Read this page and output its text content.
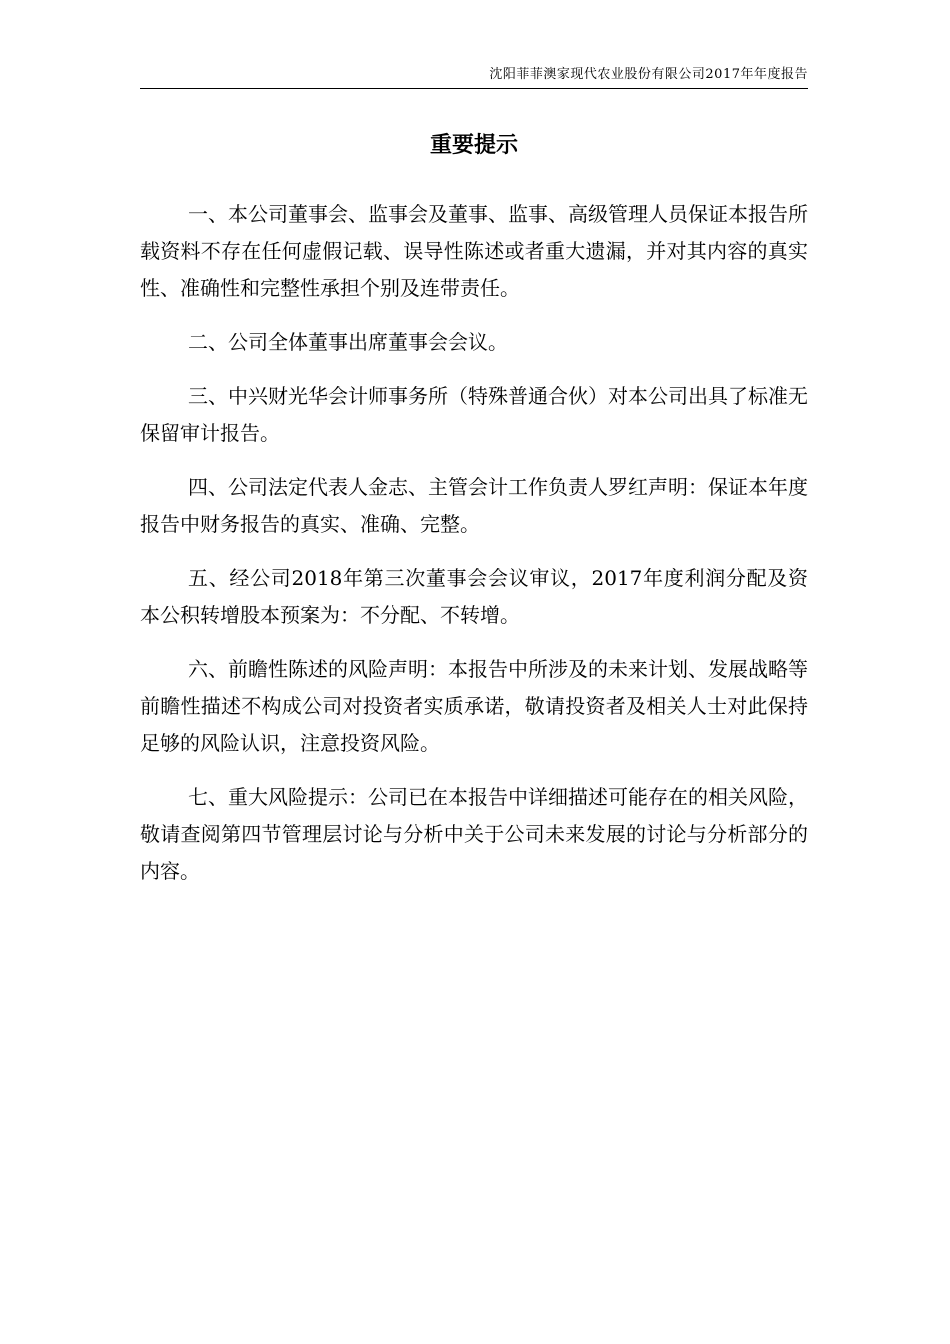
沈阳菲菲澳家现代农业股份有限公司2017年年度报告
重要提示

一、本公司董事会、监事会及董事、监事、高级管理人员保证本报告所载资料不存在任何虚假记载、误导性陈述或者重大遗漏，并对其内容的真实性、准确性和完整性承担个别及连带责任。

二、公司全体董事出席董事会会议。

三、中兴财光华会计师事务所（特殊普通合伙）对本公司出具了标准无保留审计报告。

四、公司法定代表人金志、主管会计工作负责人罗红声明：保证本年度报告中财务报告的真实、准确、完整。

五、经公司2018年第三次董事会会议审议，2017年度利润分配及资本公积转增股本预案为：不分配、不转增。

六、前瞻性陈述的风险声明：本报告中所涉及的未来计划、发展战略等前瞻性描述不构成公司对投资者实质承诺，敬请投资者及相关人士对此保持足够的风险认识，注意投资风险。

七、重大风险提示：公司已在本报告中详细描述可能存在的相关风险，敬请查阅第四节管理层讨论与分析中关于公司未来发展的讨论与分析部分的内容。
